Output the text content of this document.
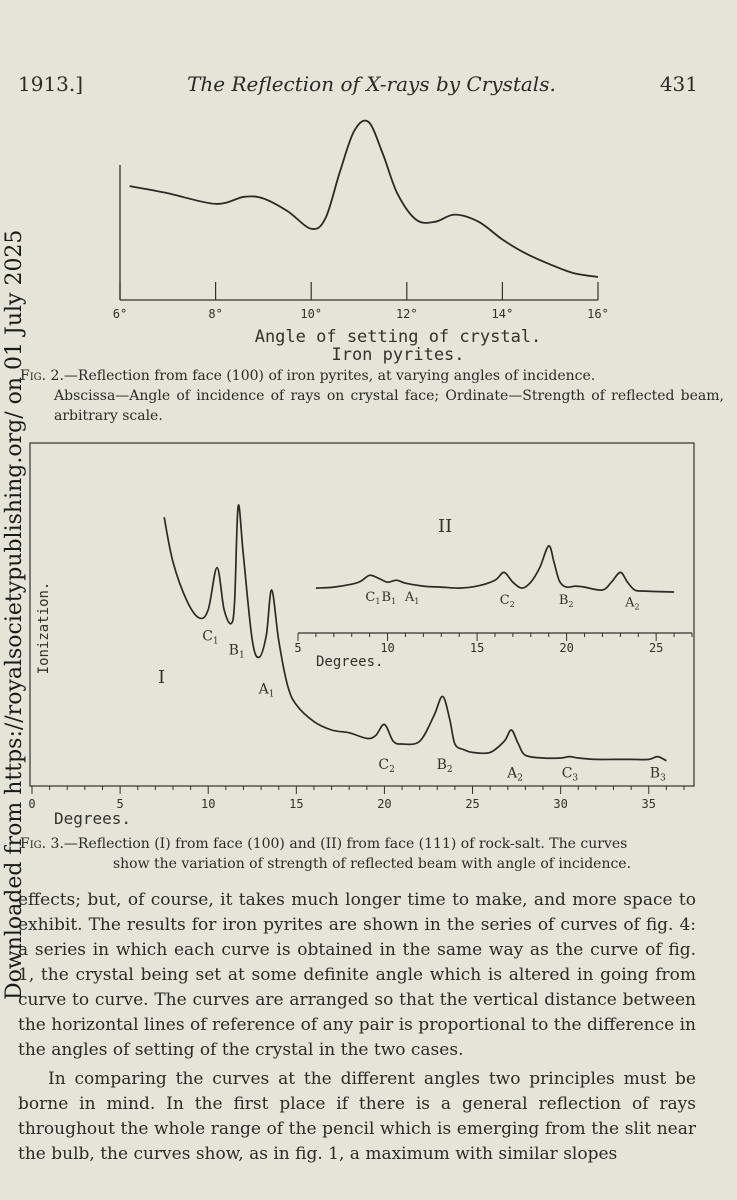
1913.]	The Reflection of X-rays by Crystals.	431
6°	8°	10°	12°	14°	16°
Angle of setting of crystal.
Iron pyrites.
0	5	10	15	20	25	30	35
Ionization.
Degrees.
I
$C_1$
$B_1$
$A_1$
$C_2$	$B_2$	$A_2$	$C_3$	$B_3$
5	10	15	20	25
Degrees.
II
$C_1$ $B_1$ $A_1$	$C_2$	$B_2$	$A_2$
Fig. 2.—Reflection from face (100) of iron pyrites, at varying angles of incidence.
Abscissa—Angle of incidence of rays on crystal face; Ordinate—Strength of reflected beam, arbitrary scale.
Fig. 3.—Reflection (I) from face (100) and (II) from face (111) of rock-salt. The curves
show the variation of strength of reflected beam with angle of incidence.

effects; but, of course, it takes much longer time to make, and more space to exhibit. The results for iron pyrites are shown in the series of curves of fig. 4: a series in which each curve is obtained in the same way as the curve of fig. 1, the crystal being set at some definite angle which is altered in going from curve to curve. The curves are arranged so that the vertical distance between the horizontal lines of reference of any pair is proportional to the difference in the angles of setting of the crystal in the two cases.

In comparing the curves at the different angles two principles must be borne in mind. In the first place if there is a general reflection of rays throughout the whole range of the pencil which is emerging from the slit near the bulb, the curves show, as in fig. 1, a maximum with similar slopes

Downloaded from https://royalsocietypublishing.org/ on 01 July 2025
